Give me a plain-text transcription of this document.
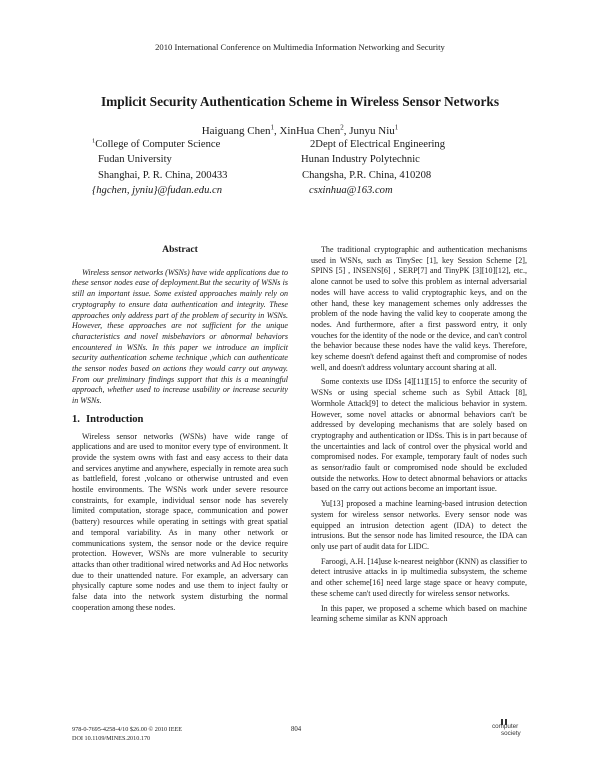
2010 International Conference on Multimedia Information Networking and Security
Implicit Security Authentication Scheme in Wireless Sensor Networks
Haiguang Chen$^1$, XinHua Chen$^2$, Junyu Niu$^1$
$^1$College of Computer Science
Fudan University
Shanghai, P. R. China, 200433
{hgchen, jyniu}@fudan.edu.cn
2Dept of Electrical Engineering
Hunan Industry Polytechnic
Changsha, P.R. China, 410208
csxinhua@163.com
Abstract

Wireless sensor networks (WSNs) have wide applications due to these sensor nodes ease of deployment.But the security of WSNs is still an important issue. Some existed approaches mainly rely on cryptography to ensure data authentication and integrity. These approaches only address part of the problem of security in WSNs. However, these approaches are not sufficient for the unique characteristics and novel misbehaviors or abnormal behaviors encountered in WSNs. In this paper we introduce an implicit security authentication scheme technique ,which can authenticate the sensor nodes based on actions they would carry out anyway. From our preliminary findings support that this is a meaningful approach, whether used to increase usability or increase security in WSNs.

1. Introduction

Wireless sensor networks (WSNs) have wide range of applications and are used to monitor every type of environment. It provide the system owns with fast and easy access to their data and services anytime and anywhere, especially in remote area such as battlefield, forest ,volcano or otherwise untrusted and even hostile environments. The WSNs work under severe resource constraints, for example, individual sensor node has severely limited computation, storage space, communication and power (battery) resources while operating in settings with great spatial and temporal variability. As in many other network or communications system, the sensor node or the device require protection. However, WSNs are more vulnerable to security attacks than other traditional wired networks and Ad Hoc networks due to their unattended nature. For example, an adversary can physically capture some nodes and use them to inject faulty or false data into the network system disturbing the normal cooperation among these nodes.

The traditional cryptographic and authentication mechanisms used in WSNs, such as TinySec [1], key Session Scheme [2], SPINS [5] , INSENS[6] , SERP[7] and TinyPK [3][10][12], etc., alone cannot be used to solve this problem as internal adversarial nodes will have access to valid cryptographic keys, and on the other hand, these key management schemes only addresses the problem of the node having the valid key to cooperate among the nodes. And furthermore, after a first password entry, it only vouches for the identity of the node or the device, and can't control the behavior because these nodes have the valid keys. Therefore, key scheme doesn't defend against theft and compromise of nodes well, and doesn't address voluntary account sharing at all.

Some contexts use IDSs [4][11][15] to enforce the security of WSNs or using special scheme such as Sybil Attack [8], Wormhole Attack[9] to detect the malicious behavior in system. However, some novel attacks or abnormal behaviors can't be addressed by developing mechanisms that are solely based on cryptography and authentication or IDSs. This is in part because of the uncertainties and lack of control over the physical world and compromised nodes. For example, temporary fault of nodes such as sensor/radio fault or compromised node should be excluded outside the networks. How to detect abnormal behaviors or attacks based on the carry out actions become an important issue.

Yu[13] proposed a machine learning-based intrusion detection system for wireless sensor networks. Every sensor node was equipped an intrusion detection agent (IDA) to detect the intrusions. But the sensor node has limited resource, the IDA can only use part of audit data for LIDC.

Faroogi, A.H. [14]use k-nearest neighbor (KNN) as classifier to detect intrusive attacks in ip multimedia subsystem, the scheme and other scheme[16] need large stage space or heavy compute, these scheme can't used directly for wireless sensor networks.

In this paper, we proposed a scheme which based on machine learning scheme similar as KNN approach

978-0-7695-4258-4/10 $26.00 © 2010 IEEE
DOI 10.1109/MINES.2010.170
804	computer
society
